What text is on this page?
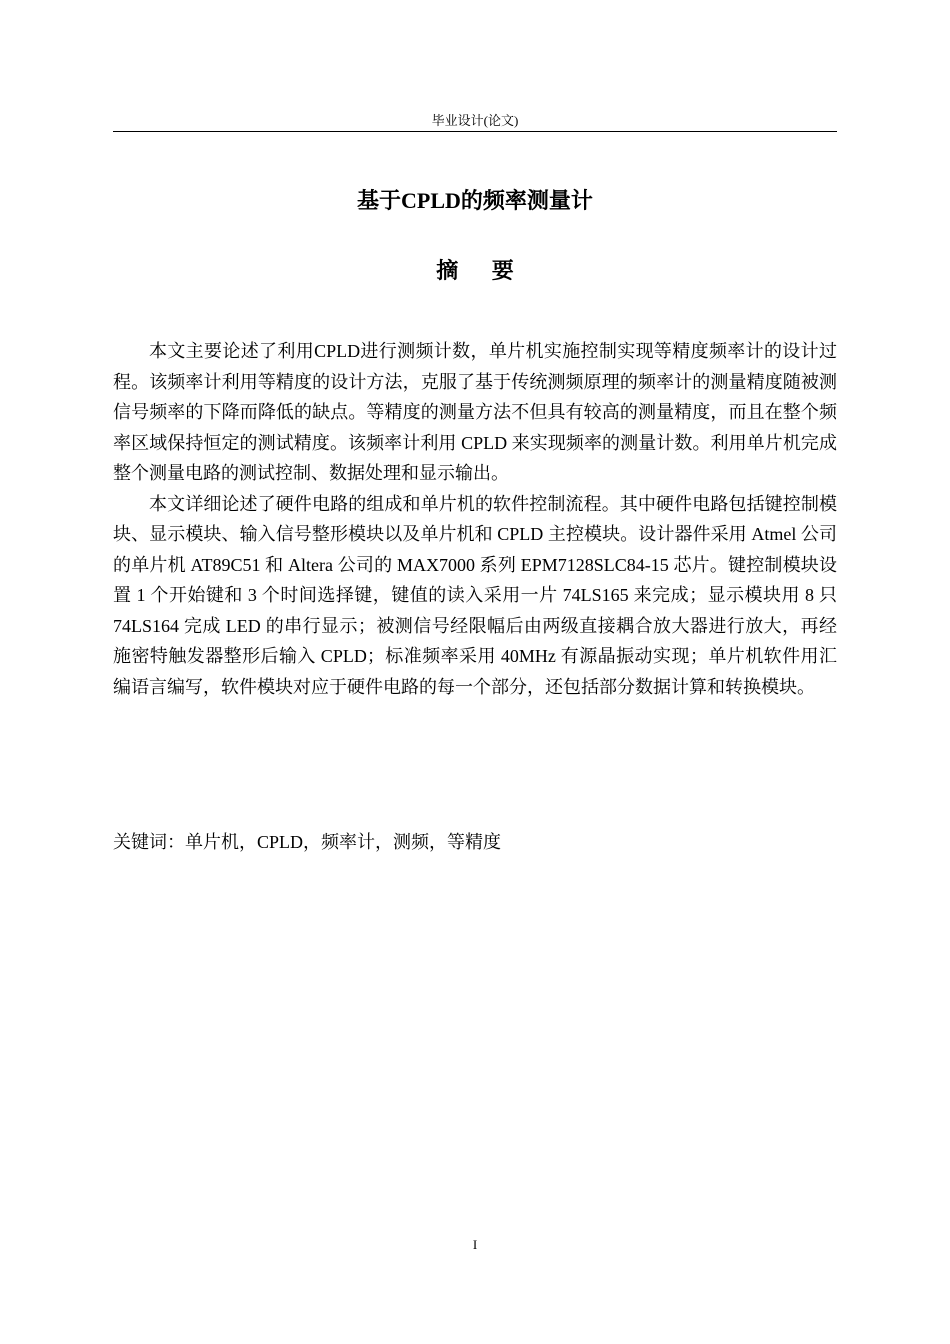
毕业设计(论文)
基于CPLD的频率测量计
摘 要

本文主要论述了利用CPLD进行测频计数，单片机实施控制实现等精度频率计的设计过程。该频率计利用等精度的设计方法，克服了基于传统测频原理的频率计的测量精度随被测信号频率的下降而降低的缺点。等精度的测量方法不但具有较高的测量精度，而且在整个频率区域保持恒定的测试精度。该频率计利用 CPLD 来实现频率的测量计数。利用单片机完成整个测量电路的测试控制、数据处理和显示输出。

本文详细论述了硬件电路的组成和单片机的软件控制流程。其中硬件电路包括键控制模块、显示模块、输入信号整形模块以及单片机和 CPLD 主控模块。设计器件采用 Atmel 公司的单片机 AT89C51 和 Altera 公司的 MAX7000 系列 EPM7128SLC84-15 芯片。键控制模块设置 1 个开始键和 3 个时间选择键，键值的读入采用一片 74LS165 来完成；显示模块用 8 只 74LS164 完成 LED 的串行显示；被测信号经限幅后由两级直接耦合放大器进行放大，再经施密特触发器整形后输入 CPLD；标准频率采用 40MHz 有源晶振动实现；单片机软件用汇编语言编写，软件模块对应于硬件电路的每一个部分，还包括部分数据计算和转换模块。

关键词：单片机，CPLD，频率计，测频，等精度
I
